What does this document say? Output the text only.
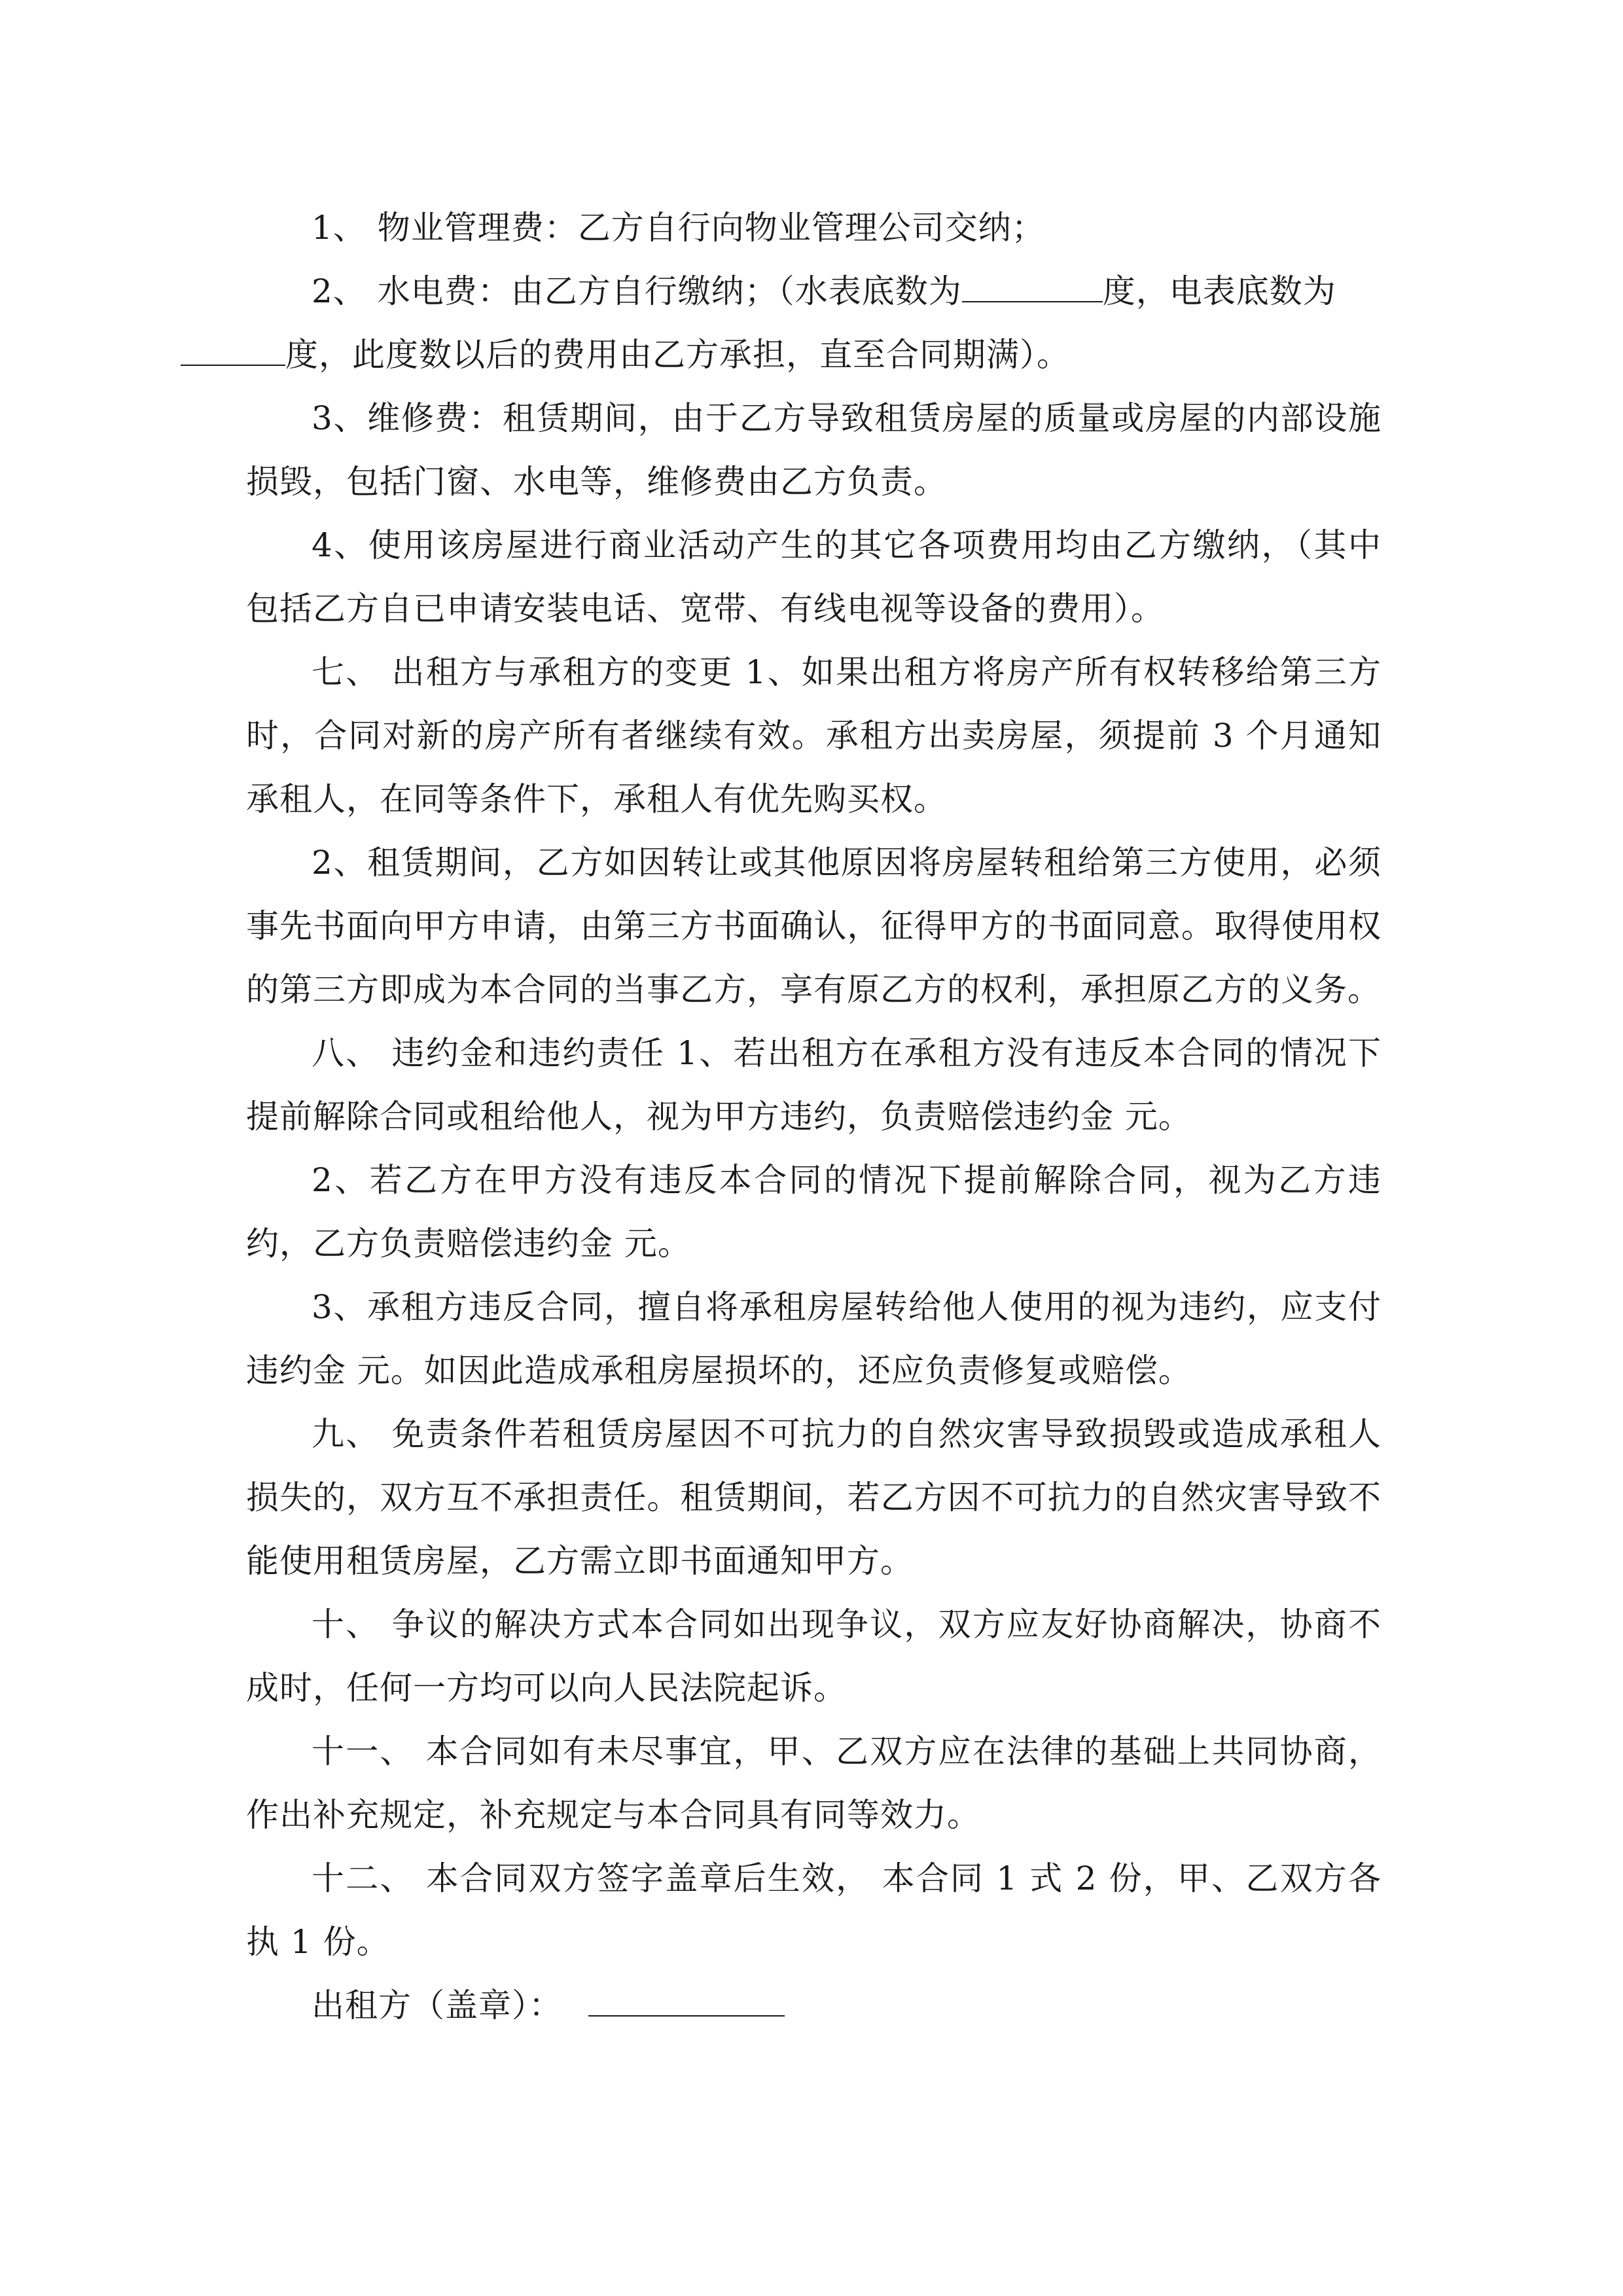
1、 物业管理费：乙方自行向物业管理公司交纳；

2、 水电费：由乙方自行缴纳；（水表底数为	度，电表底数为
度，此度数以后的费用由乙方承担，直至合同期满）。

3、维修费：租赁期间，由于乙方导致租赁房屋的质量或房屋的内部设施损毁，包括门窗、水电等，维修费由乙方负责。

4、使用该房屋进行商业活动产生的其它各项费用均由乙方缴纳，（其中包括乙方自已申请安装电话、宽带、有线电视等设备的费用）。

七、 出租方与承租方的变更 1、如果出租方将房产所有权转移给第三方时，合同对新的房产所有者继续有效。承租方出卖房屋，须提前 3 个月通知承租人，在同等条件下，承租人有优先购买权。

2、租赁期间，乙方如因转让或其他原因将房屋转租给第三方使用，必须事先书面向甲方申请，由第三方书面确认，征得甲方的书面同意。取得使用权的第三方即成为本合同的当事乙方，享有原乙方的权利，承担原乙方的义务。

八、 违约金和违约责任 1、若出租方在承租方没有违反本合同的情况下提前解除合同或租给他人，视为甲方违约，负责赔偿违约金 元。

2、若乙方在甲方没有违反本合同的情况下提前解除合同，视为乙方违约，乙方负责赔偿违约金 元。

3、承租方违反合同，擅自将承租房屋转给他人使用的视为违约，应支付违约金 元。如因此造成承租房屋损坏的，还应负责修复或赔偿。

九、 免责条件若租赁房屋因不可抗力的自然灾害导致损毁或造成承租人损失的，双方互不承担责任。租赁期间，若乙方因不可抗力的自然灾害导致不能使用租赁房屋，乙方需立即书面通知甲方。

十、 争议的解决方式本合同如出现争议，双方应友好协商解决，协商不成时，任何一方均可以向人民法院起诉。

十一、 本合同如有未尽事宜，甲、乙双方应在法律的基础上共同协商，作出补充规定，补充规定与本合同具有同等效力。

十二、 本合同双方签字盖章后生效， 本合同 1 式 2 份，甲、乙双方各执 1 份。

出租方（盖章）：
